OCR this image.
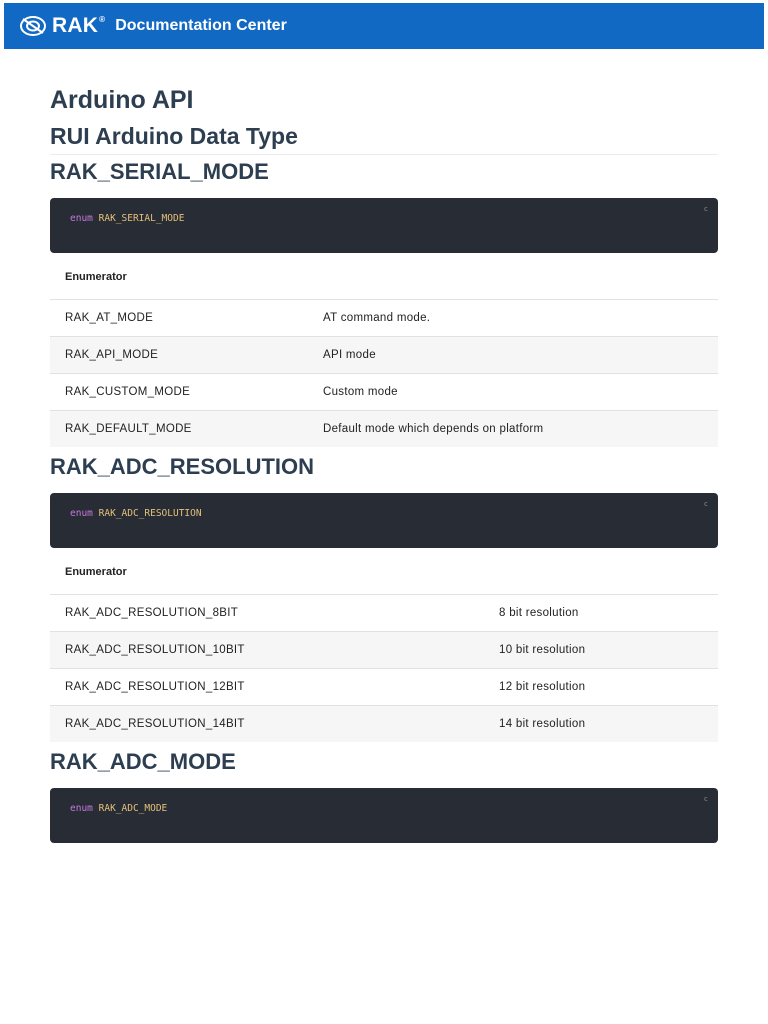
RAK® Documentation Center
Arduino API
RUI Arduino Data Type
RAK_SERIAL_MODE
c
enum RAK_SERIAL_MODE
Enumerator	
RAK_AT_MODE	AT command mode.
RAK_API_MODE	API mode
RAK_CUSTOM_MODE	Custom mode
RAK_DEFAULT_MODE	Default mode which depends on platform
RAK_ADC_RESOLUTION
c
enum RAK_ADC_RESOLUTION
Enumerator	
RAK_ADC_RESOLUTION_8BIT	8 bit resolution
RAK_ADC_RESOLUTION_10BIT	10 bit resolution
RAK_ADC_RESOLUTION_12BIT	12 bit resolution
RAK_ADC_RESOLUTION_14BIT	14 bit resolution
RAK_ADC_MODE
c
enum RAK_ADC_MODE
